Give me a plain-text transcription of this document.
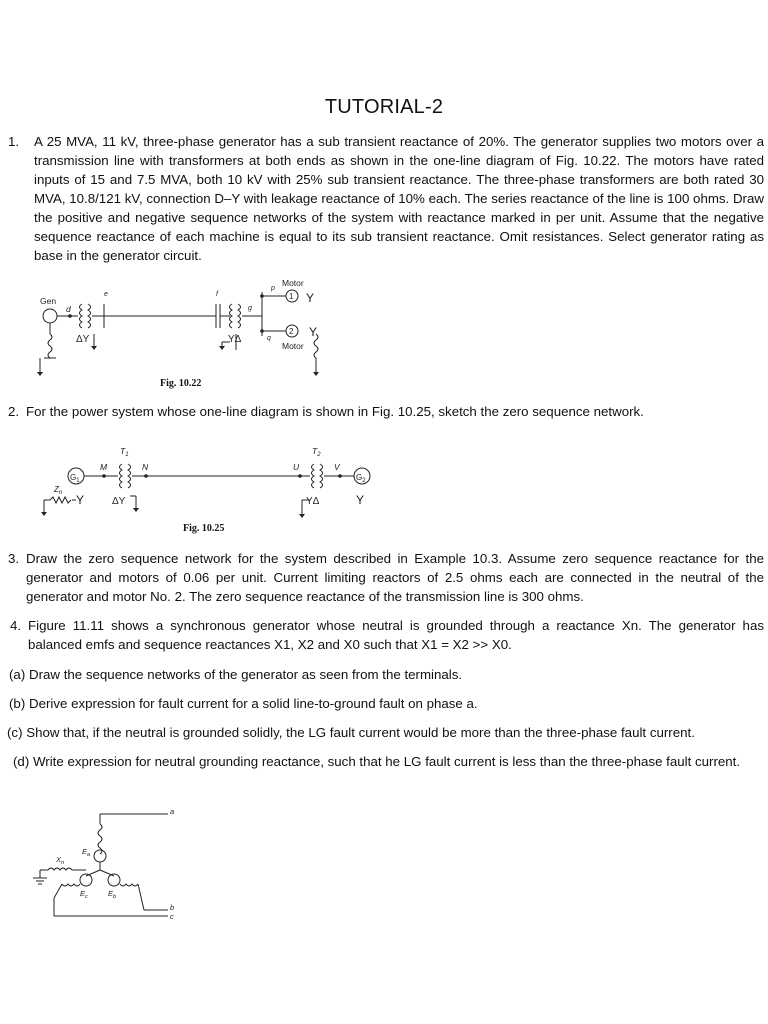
TUTORIAL-2
1.	A 25 MVA, 11 kV, three-phase generator has a sub transient reactance of 20%. The generator supplies two motors over a transmission line with transformers at both ends as shown in the one-line diagram of Fig. 10.22. The motors have rated inputs of 15 and 7.5 MVA, both 10 kV with 25% sub transient reactance. The three-phase transformers are both rated 30 MVA, 10.8/121 kV, connection D–Y with leakage reactance of 10% each. The series reactance of the line is 100 ohms. Draw the positive and negative sequence networks of the system with reactance marked in per unit. Assume that the negative sequence reactance of each machine is equal to its sub transient reactance. Omit resistances. Select generator rating as base in the generator circuit.
Gen
d
e	f
g
p
q
Motor
Motor
1
2
ΔY	YΔ
Y
Y
Fig. 10.22
2. For the power system whose one-line diagram is shown in Fig. 10.25, sketch the zero sequence network.
$G_1$	$G_2$
$T_1$	$T_2$
M	N	U	V
$Z_n$ Y	ΔY	YΔ	Y
Fig. 10.25
3. Draw the zero sequence network for the system described in Example 10.3. Assume zero sequence reactance for the generator and motors of 0.06 per unit. Current limiting reactors of 2.5 ohms each are connected in the neutral of the generator and motor No. 2. The zero sequence reactance of the transmission line is 300 ohms.
4. Figure 11.11 shows a synchronous generator whose neutral is grounded through a reactance Xn. The generator has balanced emfs and sequence reactances X1, X2 and X0 such that X1 = X2 >> X0.
(a) Draw the sequence networks of the generator as seen from the terminals.
(b) Derive expression for fault current for a solid line-to-ground fault on phase a.
(c) Show that, if the neutral is grounded solidly, the LG fault current would be more than the three-phase fault current.
(d) Write expression for neutral grounding reactance, such that he LG fault current is less than the three-phase fault current.
a
b
c
$X_n$
$E_a$
$E_c$	$E_b$
